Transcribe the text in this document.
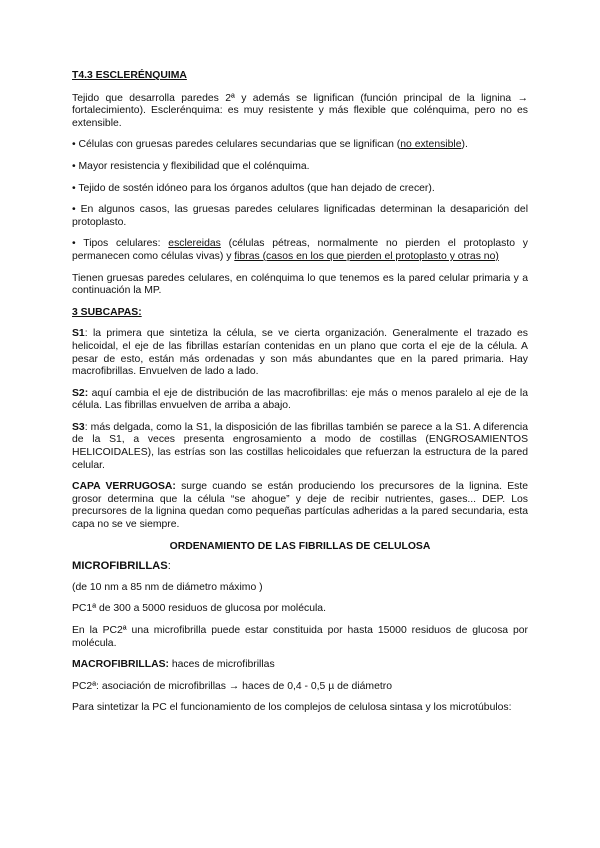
T4.3 ESCLERÉNQUIMA

Tejido que desarrolla paredes 2ª y además se lignifican (función principal de la lignina → fortalecimiento). Esclerénquima: es muy resistente y más flexible que colénquima, pero no es extensible.

• Células con gruesas paredes celulares secundarias que se lignifican (no extensible).

• Mayor resistencia y flexibilidad que el colénquima.

• Tejido de sostén idóneo para los órganos adultos (que han dejado de crecer).

• En algunos casos, las gruesas paredes celulares lignificadas determinan la desaparición del protoplasto.

• Tipos celulares: esclereidas (células pétreas, normalmente no pierden el protoplasto y permanecen como células vivas) y fibras (casos en los que pierden el protoplasto y otras no)

Tienen gruesas paredes celulares, en colénquima lo que tenemos es la pared celular primaria y a continuación la MP.

3 SUBCAPAS:

S1: la primera que sintetiza la célula, se ve cierta organización. Generalmente el trazado es helicoidal, el eje de las fibrillas estarían contenidas en un plano que corta el eje de la célula. A pesar de esto, están más ordenadas y son más abundantes que en la pared primaria. Hay macrofibrillas. Envuelven de lado a lado.

S2: aquí cambia el eje de distribución de las macrofibrillas: eje más o menos paralelo al eje de la célula. Las fibrillas envuelven de arriba a abajo.

S3: más delgada, como la S1, la disposición de las fibrillas también se parece a la S1. A diferencia de la S1, a veces presenta engrosamiento a modo de costillas (ENGROSAMIENTOS HELICOIDALES), las estrías son las costillas helicoidales que refuerzan la estructura de la pared celular.

CAPA VERRUGOSA: surge cuando se están produciendo los precursores de la lignina. Este grosor determina que la célula “se ahogue” y deje de recibir nutrientes, gases... DEP. Los precursores de la lignina quedan como pequeñas partículas adheridas a la pared secundaria, esta capa no se ve siempre.

ORDENAMIENTO DE LAS FIBRILLAS DE CELULOSA
MICROFIBRILLAS:

(de 10 nm a 85 nm de diámetro máximo )

PC1ª de 300 a 5000 residuos de glucosa por molécula.

En la PC2ª una microfibrilla puede estar constituida por hasta 15000 residuos de glucosa por molécula.

MACROFIBRILLAS: haces de microfibrillas

PC2ª: asociación de microfibrillas → haces de 0,4 - 0,5 µ de diámetro

Para sintetizar la PC el funcionamiento de los complejos de celulosa sintasa y los microtúbulos:
